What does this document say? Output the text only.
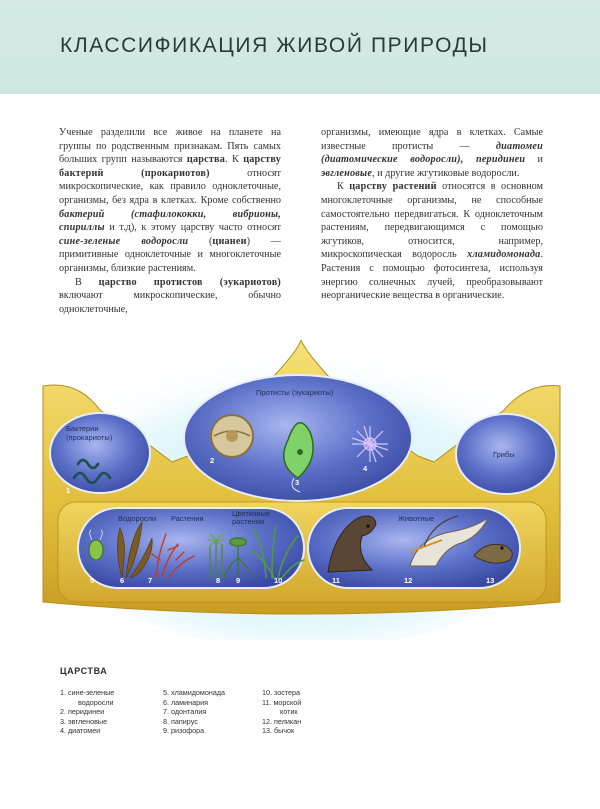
КЛАССИФИКАЦИЯ ЖИВОЙ ПРИРОДЫ

Ученые разделили все живое на планете на группы по родственным признакам. Пять самых больших групп называются царства. К царству бактерий (прокариотов) относят микроскопические, как правило одноклеточные, организмы, без ядра в клетках. Кроме собственно бактерий (стафилококки, вибрионы, спириллы и т.д), к этому царству часто относят сине-зеленые водоросли (цианеи) — примитивные одноклеточные и многоклеточные организмы, близкие растениям.

В царство протистов (эукариотов) включают микроскопические, обычно одноклеточные,

организмы, имеющие ядра в клетках. Самые известные протисты — диатомеи (диатомические водоросли), перидинеи и эвгленовые, и другие жгутиковые водоросли.

К царству растений относятся в основном многоклеточные организмы, не способные самостоятельно передвигаться. К одноклеточным растениям, передвигающимся с помощью жгутиков, относится, например, микроскопическая водоросль хламидомонада. Растения с помощью фотосинтеза, используя энергию солнечных лучей, преобразовывают неорганические вещества в органические.

Бактерии
(прокариоты)
1
Протисты (эукариоты)
2
3
4
Грибы
Водоросли Растения
Цветковые
растения
5	6	7	8 9	10
Животные
11	12	13
ЦАРСТВА
1. сине-зеленые
водоросли
2. перидинеи
3. эвгленовые
4. диатомеи
5. хламидомонада
6. ламинария
7. одонталия
8. папирус
9. ризофора
10. зостера
11. морской
котик
12. пеликан
13. бычок
